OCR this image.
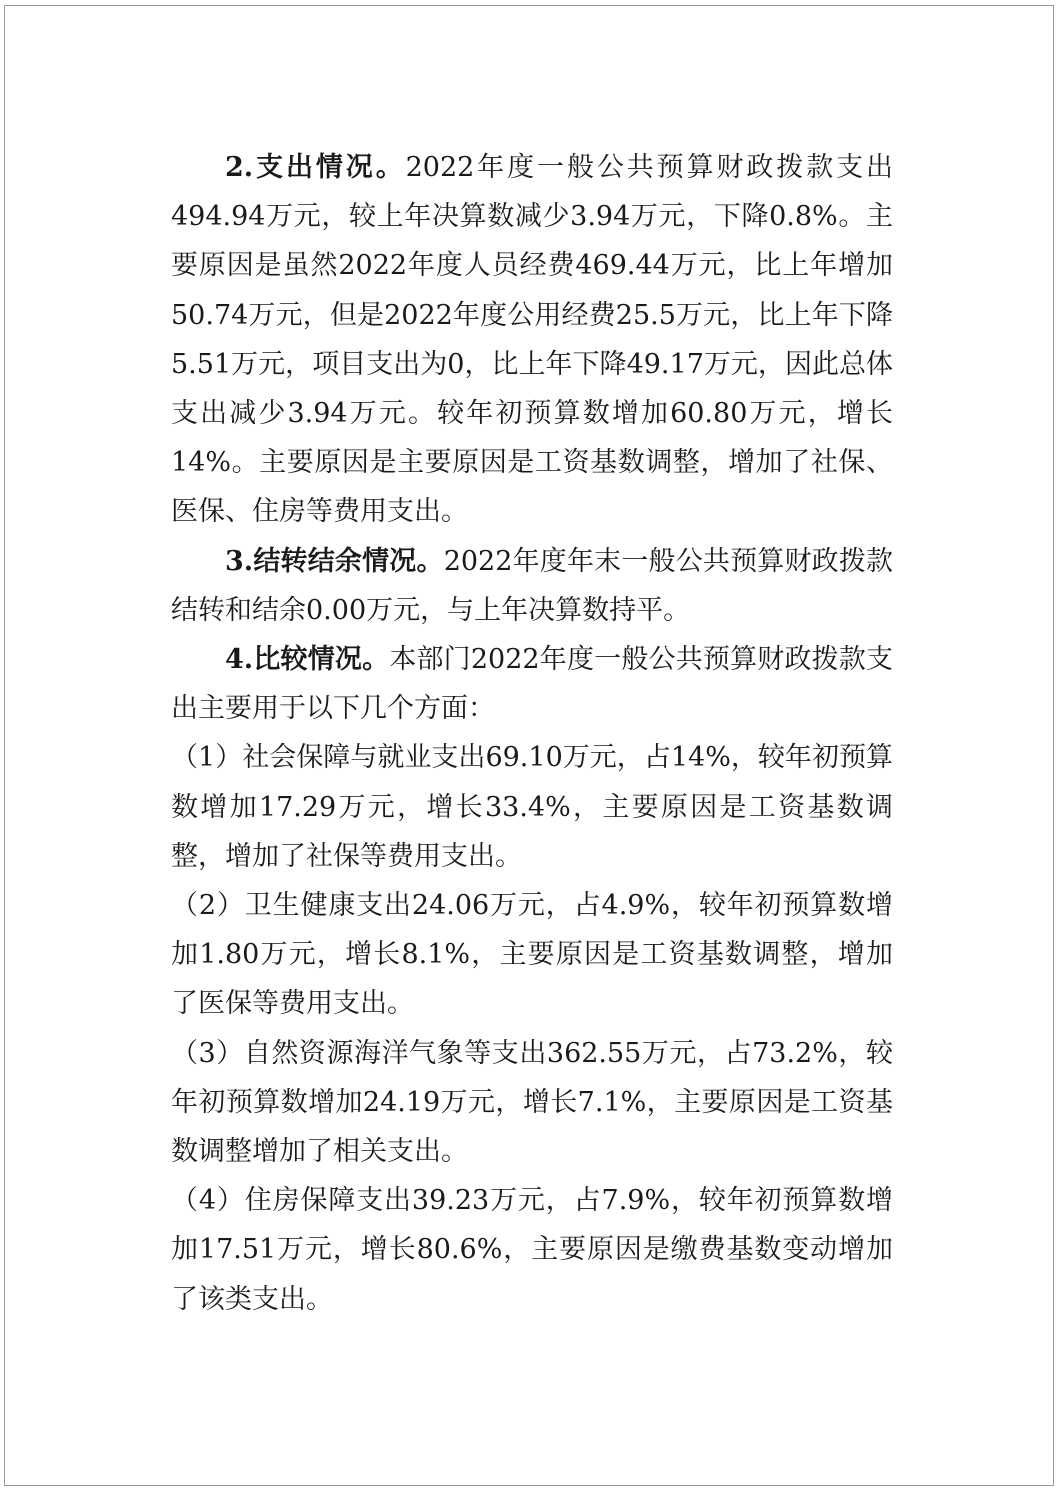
2.支出情况。2022年度一般公共预算财政拨款支出494.94万元，较上年决算数减少3.94万元，下降0.8%。主要原因是虽然2022年度人员经费469.44万元，比上年增加50.74万元，但是2022年度公用经费25.5万元，比上年下降5.51万元，项目支出为0，比上年下降49.17万元，因此总体支出减少3.94万元。较年初预算数增加60.80万元，增长14%。主要原因是主要原因是工资基数调整，增加了社保、医保、住房等费用支出。

3.结转结余情况。2022年度年末一般公共预算财政拨款结转和结余0.00万元，与上年决算数持平。

4.比较情况。本部门2022年度一般公共预算财政拨款支出主要用于以下几个方面：

（1）社会保障与就业支出69.10万元，占14%，较年初预算数增加17.29万元，增长33.4%，主要原因是工资基数调整，增加了社保等费用支出。

（2）卫生健康支出24.06万元，占4.9%，较年初预算数增加1.80万元，增长8.1%，主要原因是工资基数调整，增加了医保等费用支出。

（3）自然资源海洋气象等支出362.55万元，占73.2%，较年初预算数增加24.19万元，增长7.1%，主要原因是工资基数调整增加了相关支出。

（4）住房保障支出39.23万元，占7.9%，较年初预算数增加17.51万元，增长80.6%，主要原因是缴费基数变动增加了该类支出。
